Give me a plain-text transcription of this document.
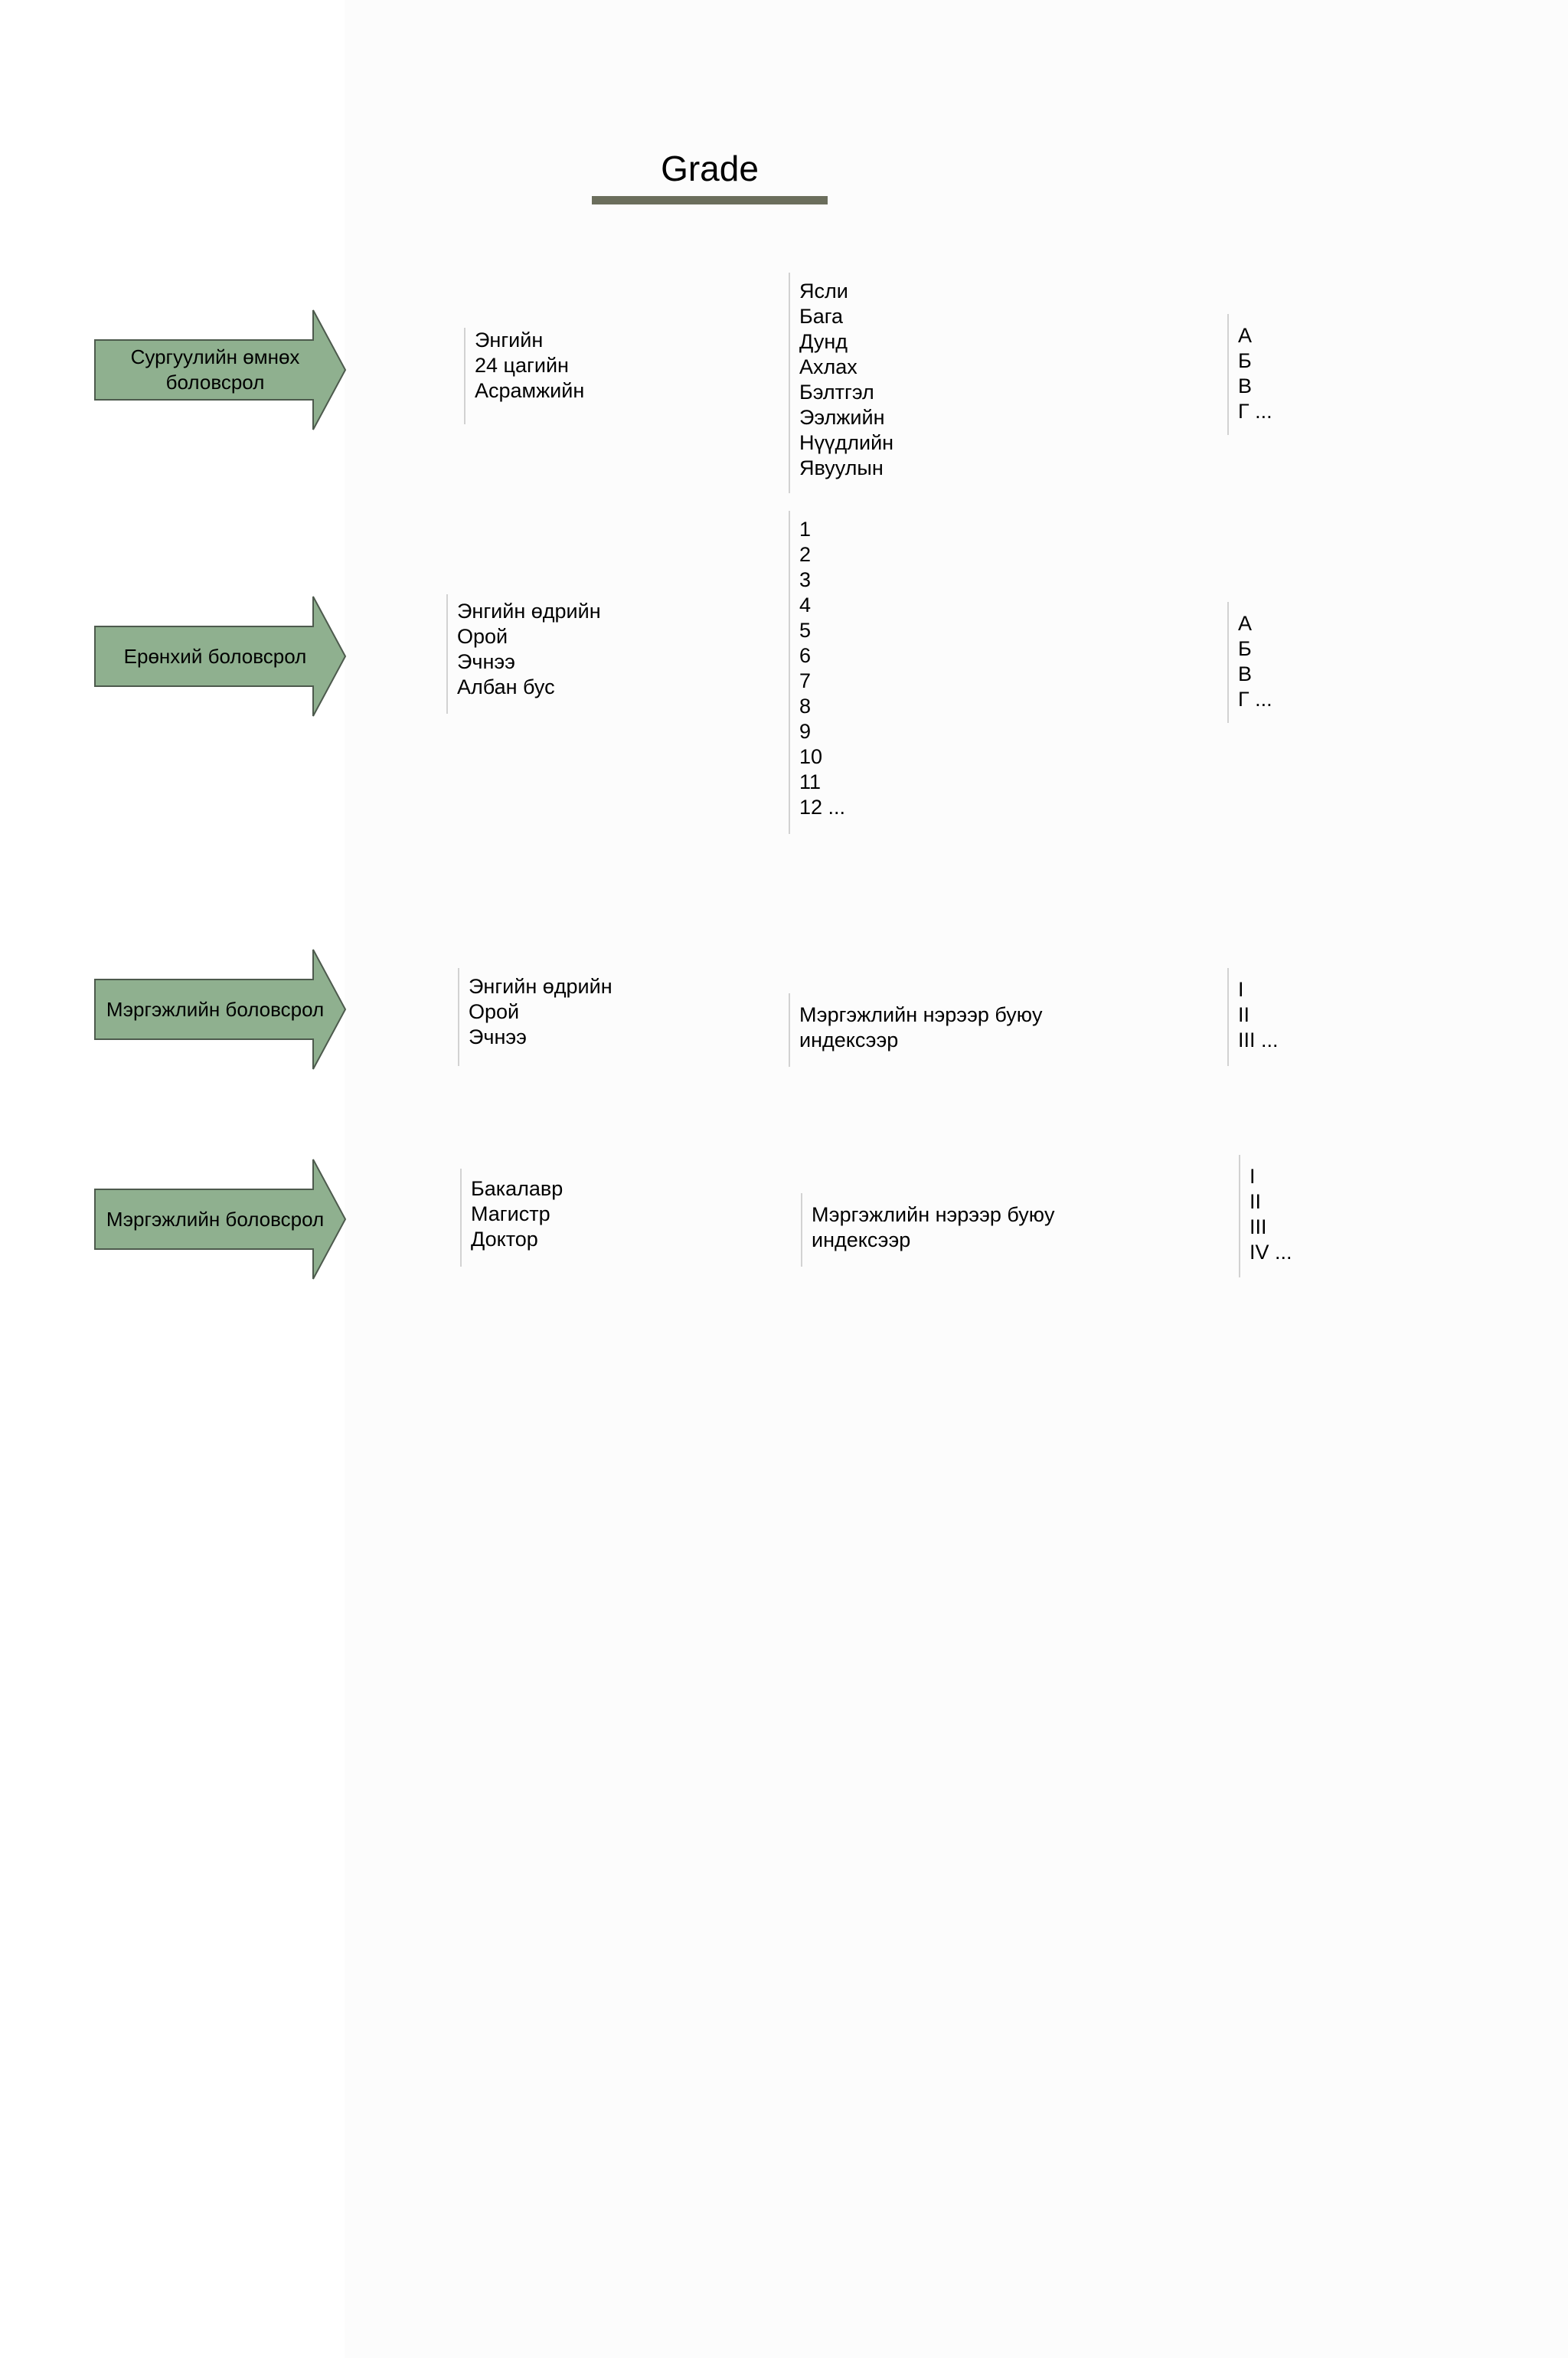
Grade
Сургуулийн өмнөх боловсрол
Энгийн
24 цагийн
Асрамжийн
Ясли
Бага
Дунд
Ахлах
Бэлтгэл
Ээлжийн
Нүүдлийн
Явуулын
А
Б
В
Г ...
Ерөнхий боловсрол
Энгийн өдрийн
Орой
Эчнээ
Албан бус
1
2
3
4
5
6
7
8
9
10
11
12 ...
А
Б
В
Г ...
Мэргэжлийн боловсрол
Энгийн өдрийн
Орой
Эчнээ
Мэргэжлийн нэрээр буюу индексээр
I
II
III ...
Мэргэжлийн боловсрол
Бакалавр
Магистр
Доктор
Мэргэжлийн нэрээр буюу индексээр
I
II
III
IV ...
